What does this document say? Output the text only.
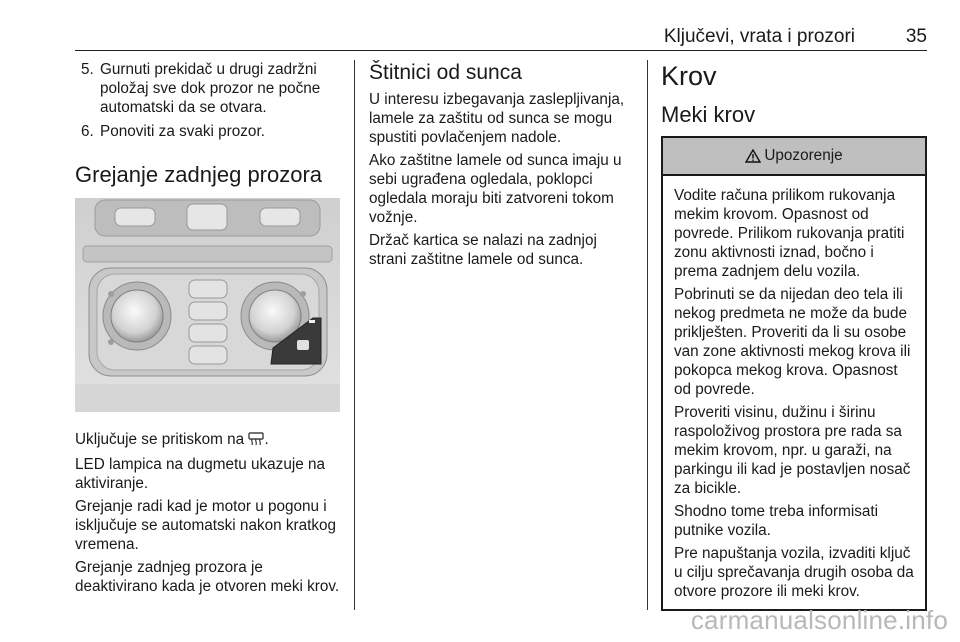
Ključevi, vrata i prozori	35
5. Gurnuti prekidač u drugi zadržni položaj sve dok prozor ne počne automatski da se otvara.
6. Ponoviti za svaki prozor.
Grejanje zadnjeg prozora

Uključuje se pritiskom na .

LED lampica na dugmetu ukazuje na aktiviranje.

Grejanje radi kad je motor u pogonu i isključuje se automatski nakon kratkog vremena.

Grejanje zadnjeg prozora je deaktivirano kada je otvoren meki krov.

Štitnici od sunca

U interesu izbegavanja zaslepljivanja, lamele za zaštitu od sunca se mogu spustiti povlačenjem nadole.

Ako zaštitne lamele od sunca imaju u sebi ugrađena ogledala, poklopci ogledala moraju biti zatvoreni tokom vožnje.

Držač kartica se nalazi na zadnjoj strani zaštitne lamele od sunca.

Krov
Meki krov
Upozorenje

Vodite računa prilikom rukovanja mekim krovom. Opasnost od povrede. Prilikom rukovanja pratiti zonu aktivnosti iznad, bočno i prema zadnjem delu vozila.

Pobrinuti se da nijedan deo tela ili nekog predmeta ne može da bude priklješten. Proveriti da li su osobe van zone aktivnosti mekog krova ili pokopca mekog krova. Opasnost od povrede.

Proveriti visinu, dužinu i širinu raspoloživog prostora pre rada sa mekim krovom, npr. u garaži, na parkingu ili kad je postavljen nosač za bicikle.

Shodno tome treba informisati putnike vozila.

Pre napuštanja vozila, izvaditi ključ u cilju sprečavanja drugih osoba da otvore prozore ili meki krov.

carmanualsonline.info
